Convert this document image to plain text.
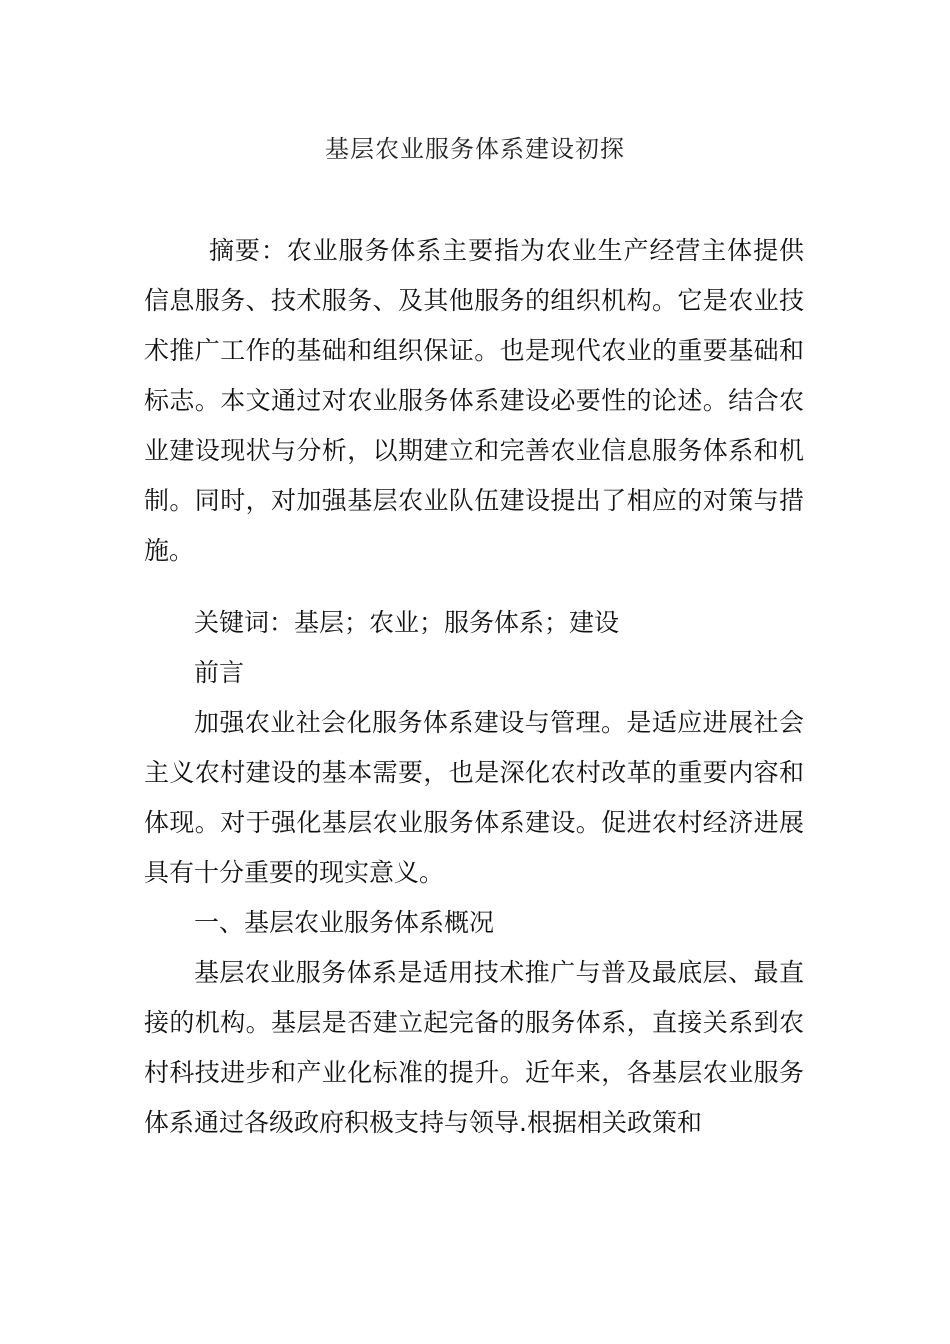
基层农业服务体系建设初探

摘要：农业服务体系主要指为农业生产经营主体提供信息服务、技术服务、及其他服务的组织机构。它是农业技术推广工作的基础和组织保证。也是现代农业的重要基础和标志。本文通过对农业服务体系建设必要性的论述。结合农业建设现状与分析，以期建立和完善农业信息服务体系和机制。同时，对加强基层农业队伍建设提出了相应的对策与措施。

关键词：基层；农业；服务体系；建设

前言

加强农业社会化服务体系建设与管理。是适应进展社会主义农村建设的基本需要，也是深化农村改革的重要内容和体现。对于强化基层农业服务体系建设。促进农村经济进展具有十分重要的现实意义。

一、基层农业服务体系概况

基层农业服务体系是适用技术推广与普及最底层、最直接的机构。基层是否建立起完备的服务体系，直接关系到农村科技进步和产业化标准的提升。近年来，各基层农业服务体系通过各级政府积极支持与领导.根据相关政策和
